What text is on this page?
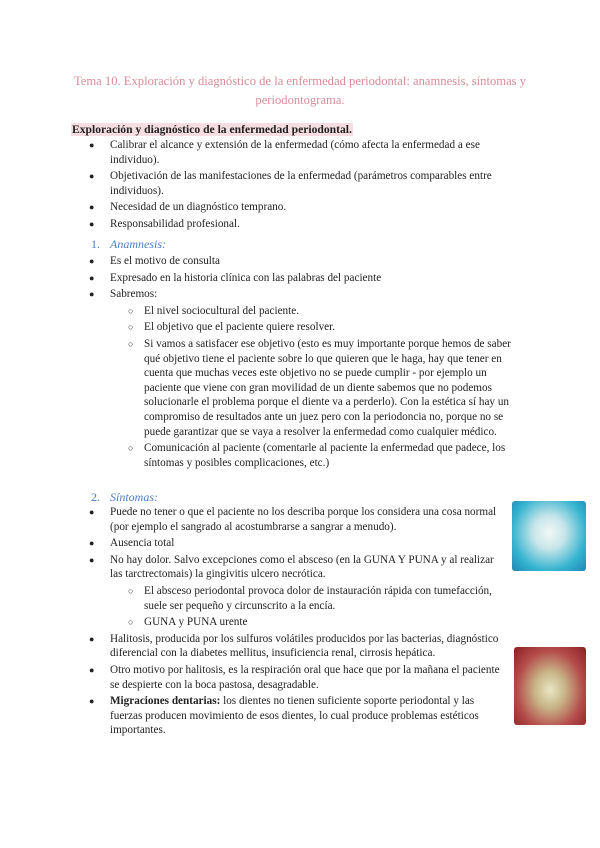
Tema 10. Exploración y diagnóstico de la enfermedad periodontal: anamnesis, síntomas y periodontograma.
Exploración y diagnóstico de la enfermedad periodontal.
● Calibrar el alcance y extensión de la enfermedad (cómo afecta la enfermedad a ese individuo).
● Objetivación de las manifestaciones de la enfermedad (parámetros comparables entre individuos).
● Necesidad de un diagnóstico temprano.
● Responsabilidad profesional.
1. Anamnesis:
● Es el motivo de consulta
● Expresado en la historia clínica con las palabras del paciente
● Sabremos:
○ El nivel sociocultural del paciente.
○ El objetivo que el paciente quiere resolver.
○ Si vamos a satisfacer ese objetivo (esto es muy importante porque hemos de saber qué objetivo tiene el paciente sobre lo que quieren que le haga, hay que tener en cuenta que muchas veces este objetivo no se puede cumplir - por ejemplo un paciente que viene con gran movilidad de un diente sabemos que no podemos solucionarle el problema porque el diente va a perderlo). Con la estética sí hay un compromiso de resultados ante un juez pero con la periodoncia no, porque no se puede garantizar que se vaya a resolver la enfermedad como cualquier médico.
○ Comunicación al paciente (comentarle al paciente la enfermedad que padece, los síntomas y posibles complicaciones, etc.)
2. Síntomas:
● Puede no tener o que el paciente no los describa porque los considera una cosa normal (por ejemplo el sangrado al acostumbrarse a sangrar a menudo).
● Ausencia total
● No hay dolor. Salvo excepciones como el absceso (en la GUNA Y PUNA y al realizar las tarctrectomais) la gingivitis ulcero necrótica.
○ El absceso periodontal provoca dolor de instauración rápida con tumefacción, suele ser pequeño y circunscrito a la encía.
○ GUNA y PUNA urente
● Halitosis, producida por los sulfuros volátiles producidos por las bacterias, diagnóstico diferencial con la diabetes mellitus, insuficiencia renal, cirrosis hepática.
● Otro motivo por halitosis, es la respiración oral que hace que por la mañana el paciente se despierte con la boca pastosa, desagradable.
● Migraciones dentarias: los dientes no tienen suficiente soporte periodontal y las fuerzas producen movimiento de esos dientes, lo cual produce problemas estéticos importantes.
